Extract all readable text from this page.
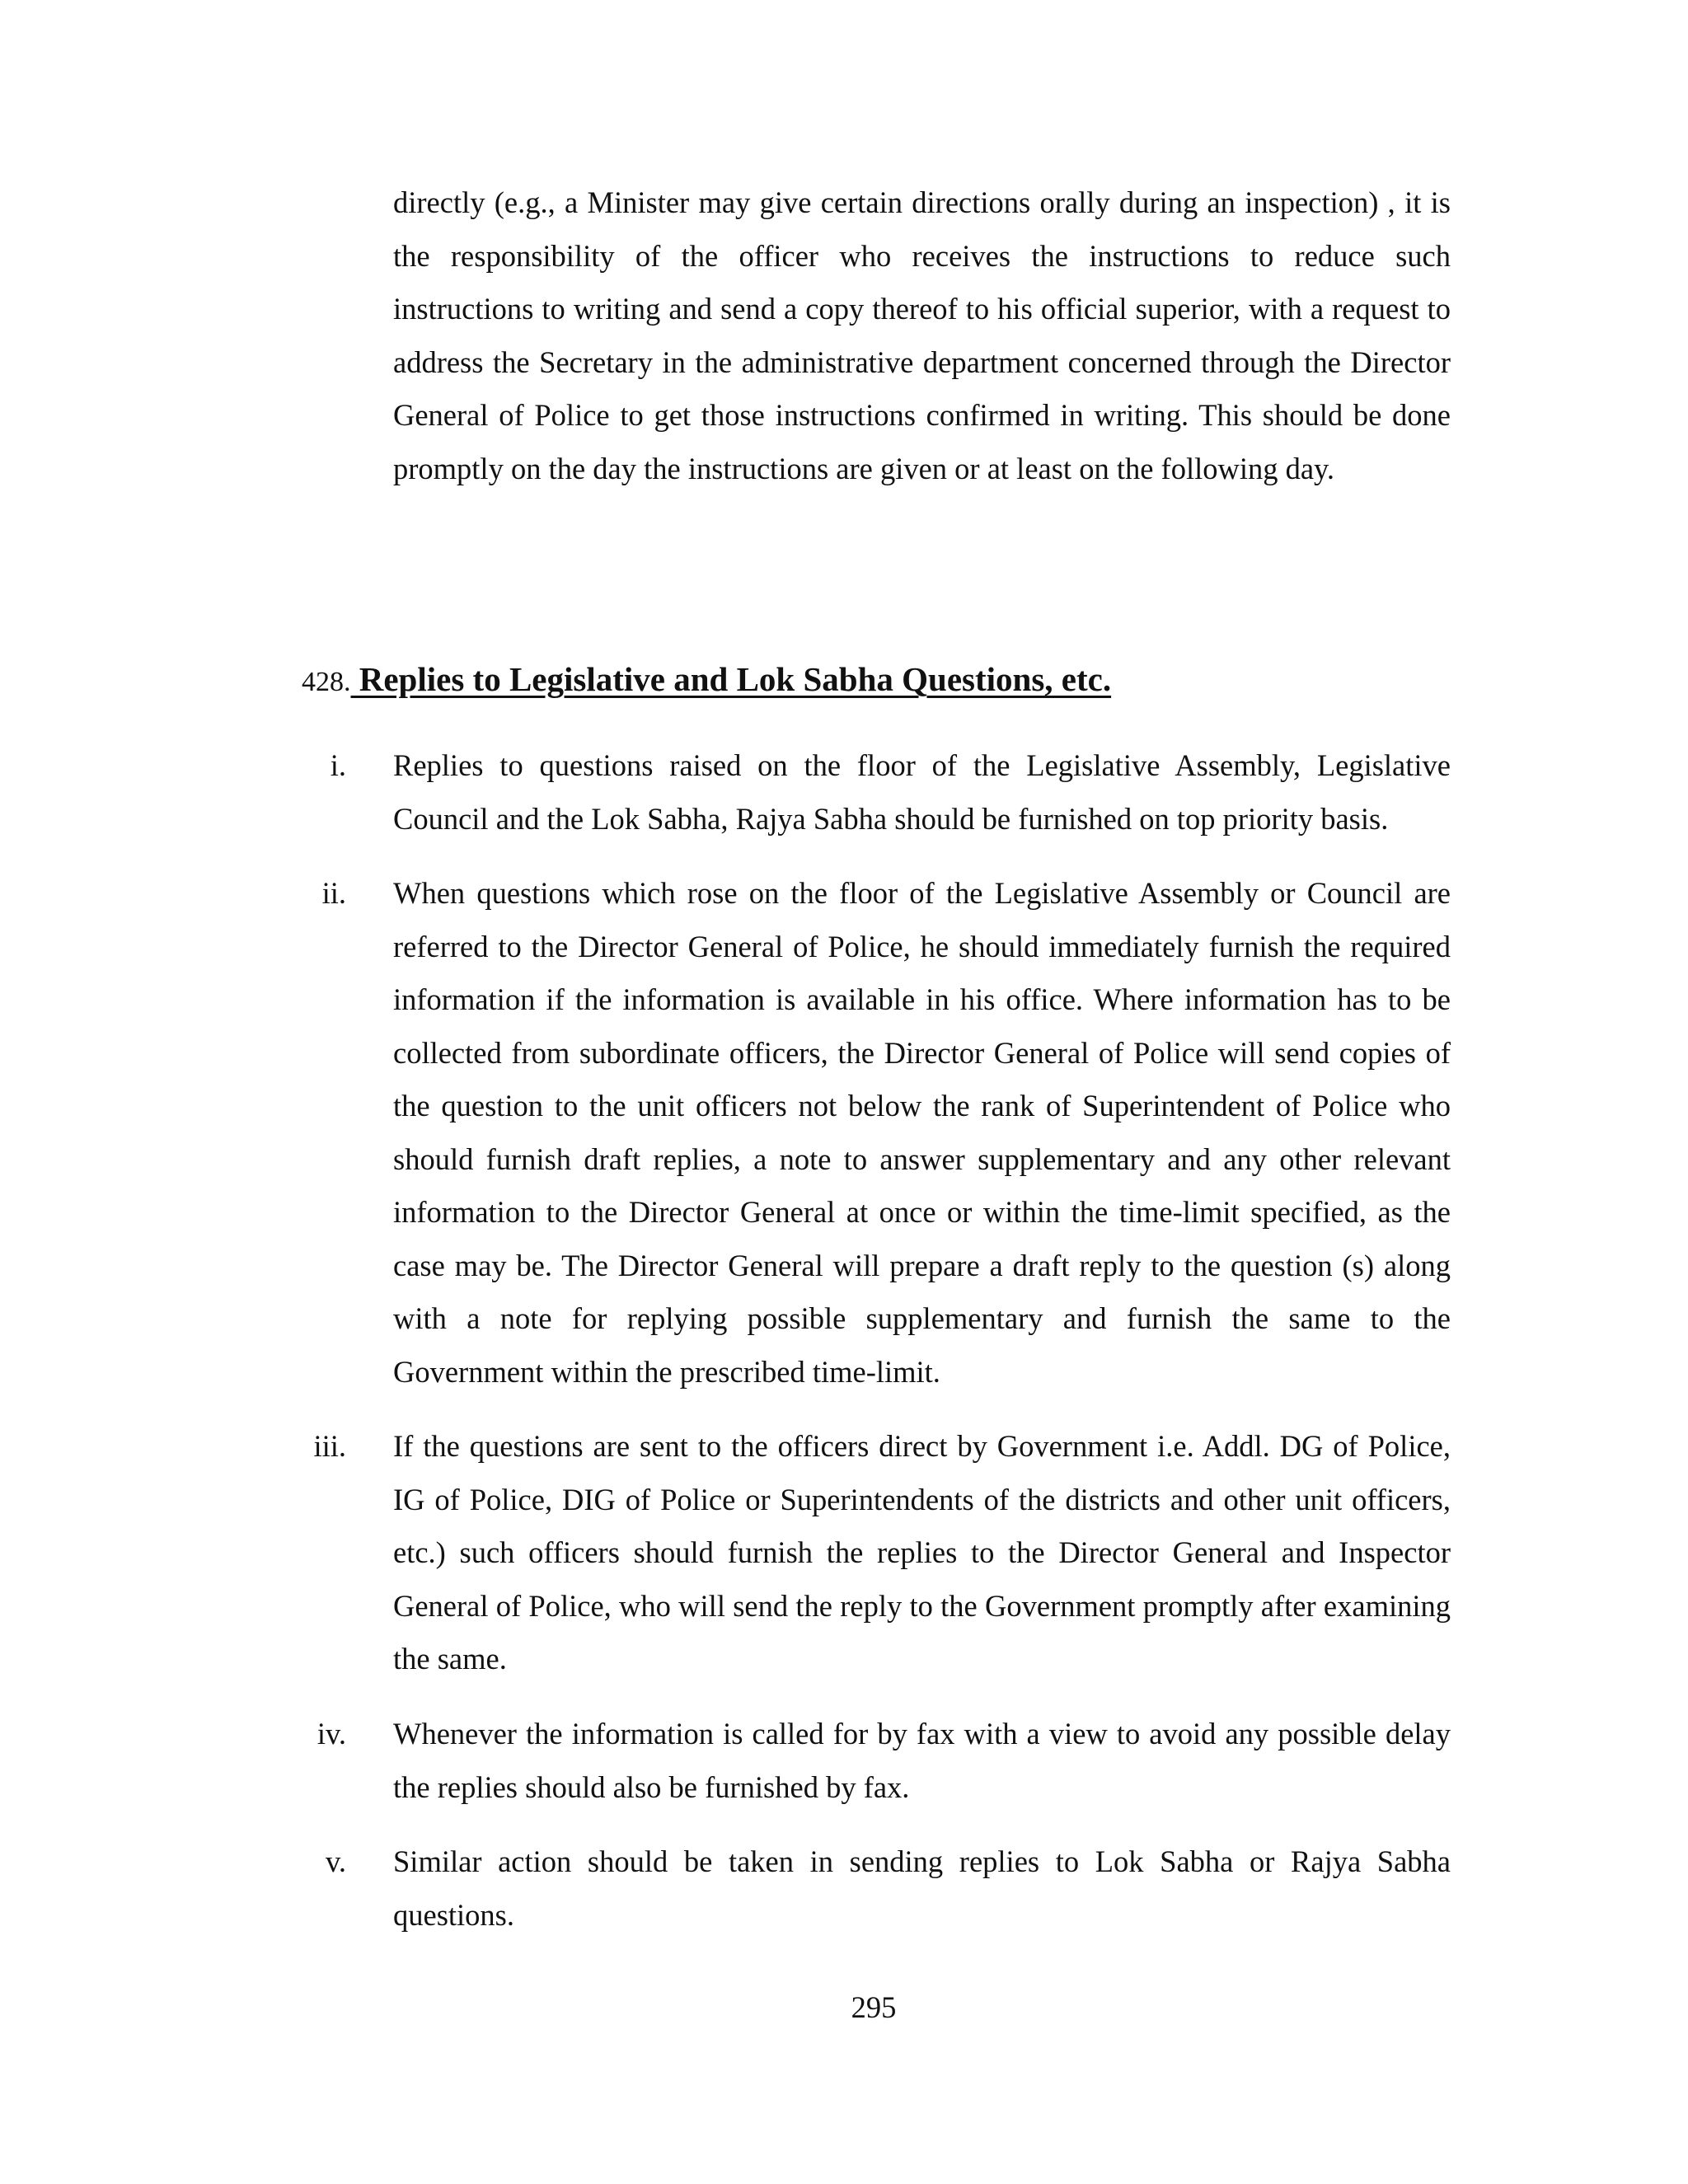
directly (e.g., a Minister may give certain directions orally during an inspection) , it is the responsibility of the officer who receives the instructions to reduce such instructions to writing and send a copy thereof to his official superior, with a request to address the Secretary in the administrative department concerned through the Director General of Police to get those instructions confirmed in writing. This should be done promptly on the day the instructions are given or at least on the following day.

428. Replies to Legislative and Lok Sabha Questions, etc.
i. Replies to questions raised on the floor of the Legislative Assembly, Legislative Council and the Lok Sabha, Rajya Sabha should be furnished on top priority basis.

ii. When questions which rose on the floor of the Legislative Assembly or Council are referred to the Director General of Police, he should immediately furnish the required information if the information is available in his office. Where information has to be collected from subordinate officers, the Director General of Police will send copies of the question to the unit officers not below the rank of Superintendent of Police who should furnish draft replies, a note to answer supplementary and any other relevant information to the Director General at once or within the time-limit specified, as the case may be. The Director General will prepare a draft reply to the question (s) along with a note for replying possible supplementary and furnish the same to the Government within the prescribed time-limit.

iii. If the questions are sent to the officers direct by Government i.e. Addl. DG of Police, IG of Police, DIG of Police or Superintendents of the districts and other unit officers, etc.) such officers should furnish the replies to the Director General and Inspector General of Police, who will send the reply to the Government promptly after examining the same.

iv. Whenever the information is called for by fax with a view to avoid any possible delay the replies should also be furnished by fax.

v. Similar action should be taken in sending replies to Lok Sabha or Rajya Sabha questions.

295
